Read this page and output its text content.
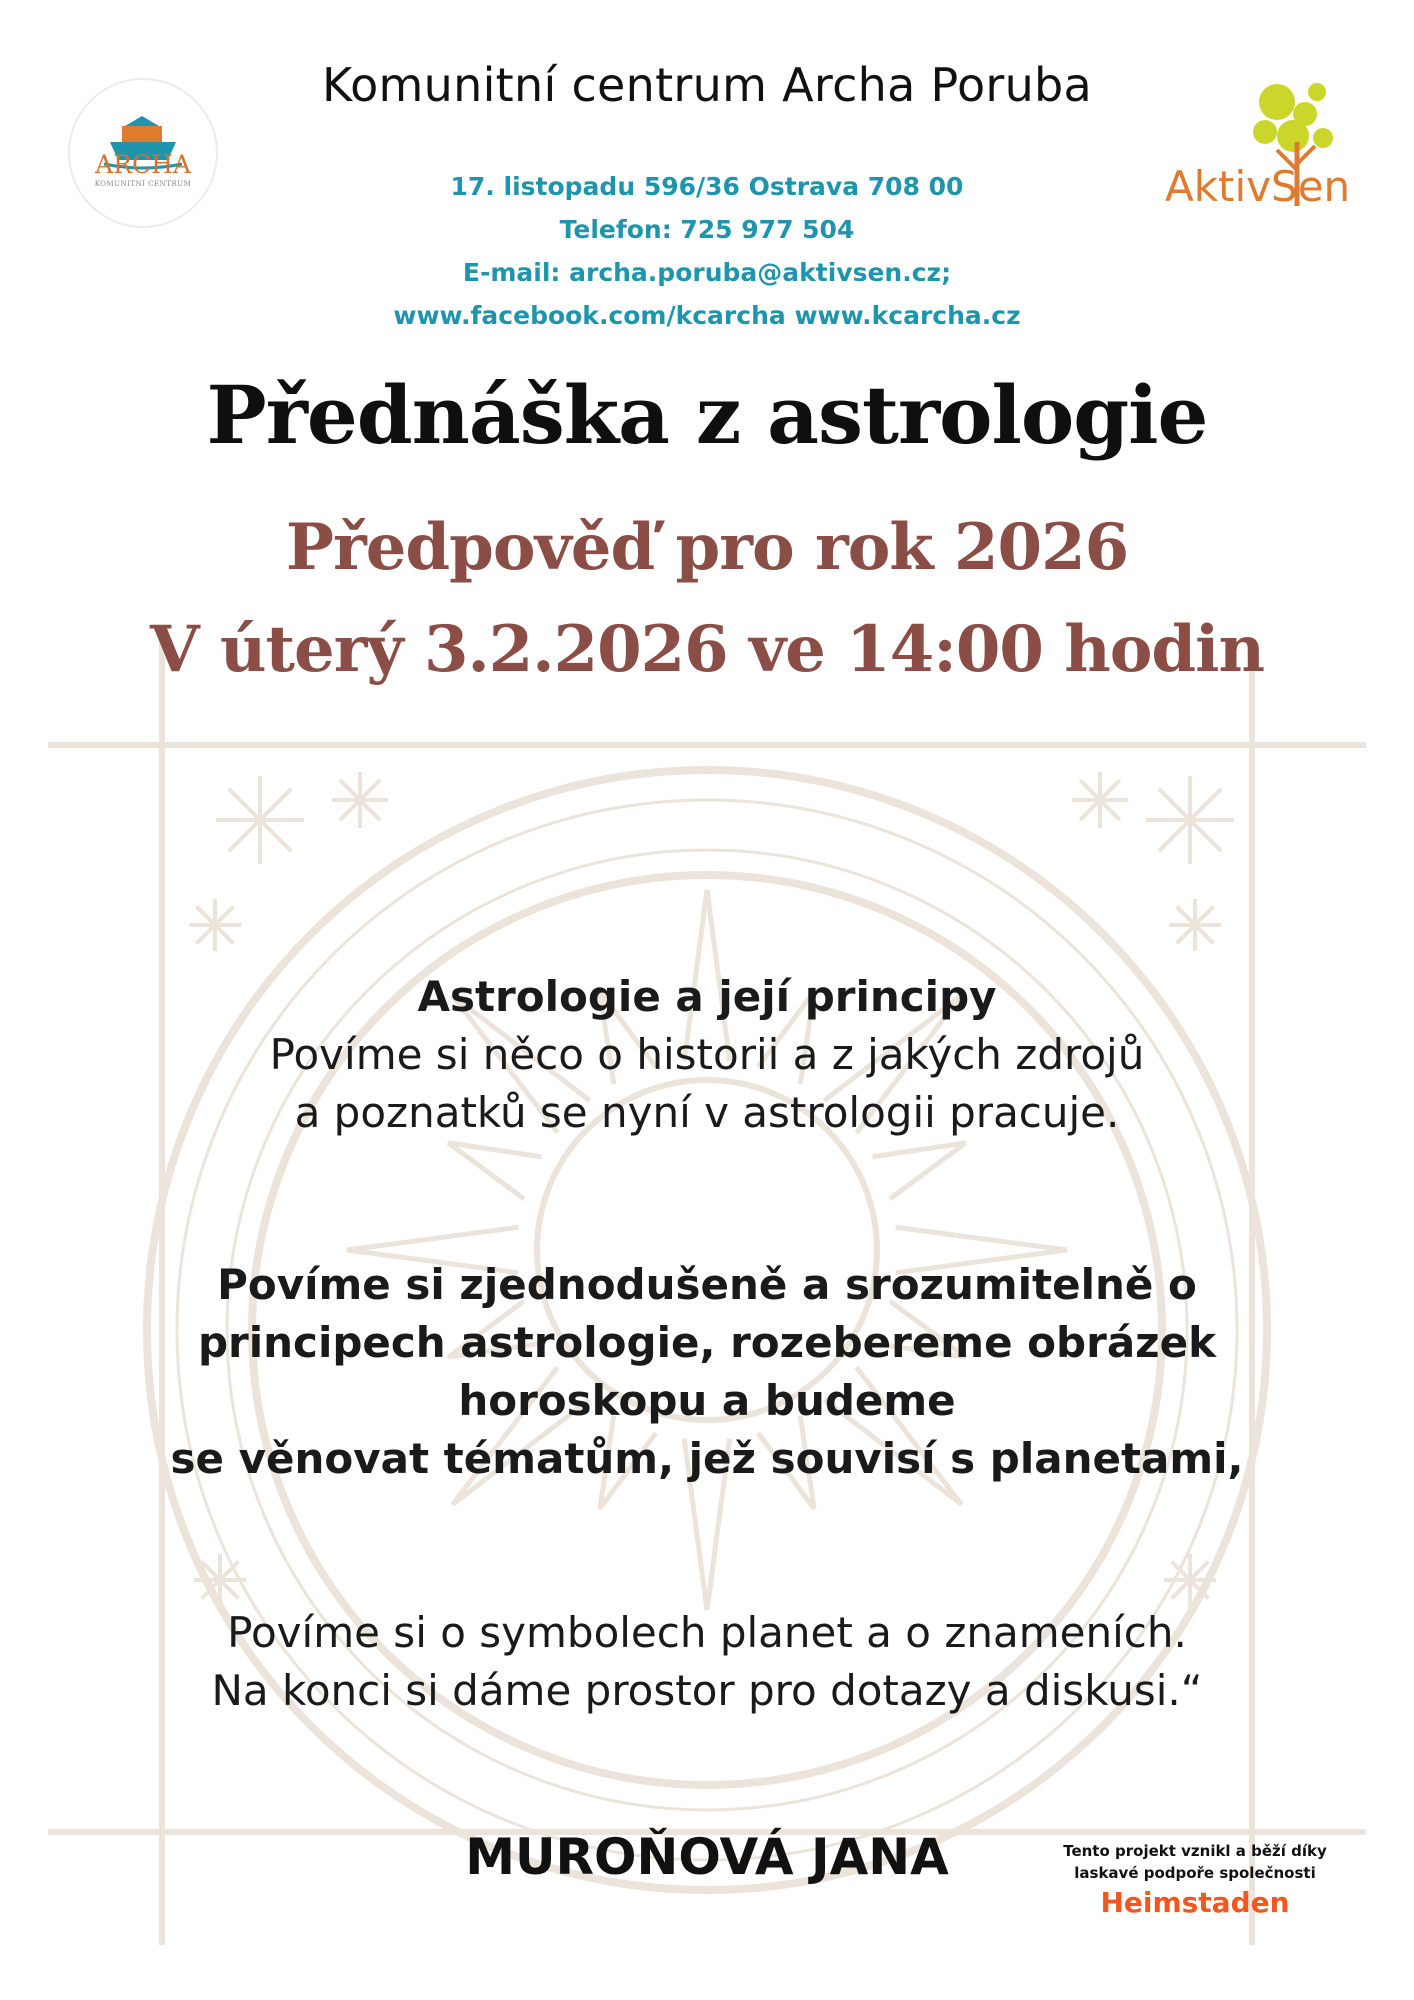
ARCHA
KOMUNITNÍ CENTRUM	AktivSen
Komunitní centrum Archa Poruba
17. listopadu 596/36 Ostrava 708 00
Telefon: 725 977 504
E-mail: archa.poruba@aktivsen.cz;
www.facebook.com/kcarcha www.kcarcha.cz
Přednáška z astrologie
Předpověď pro rok 2026
V úterý 3.2.2026 ve 14:00 hodin
Astrologie a její principy
Povíme si něco o historii a z jakých zdrojů
a poznatků se nyní v astrologii pracuje.
Povíme si zjednodušeně a srozumitelně o
principech astrologie, rozebereme obrázek
horoskopu a budeme
se věnovat tématům, jež souvisí s planetami,
Povíme si o symbolech planet a o znameních.
Na konci si dáme prostor pro dotazy a diskusi.“
MUROŇOVÁ JANA	Tento projekt vznikl a běží díky
laskavé podpoře společnosti
Heimstaden
